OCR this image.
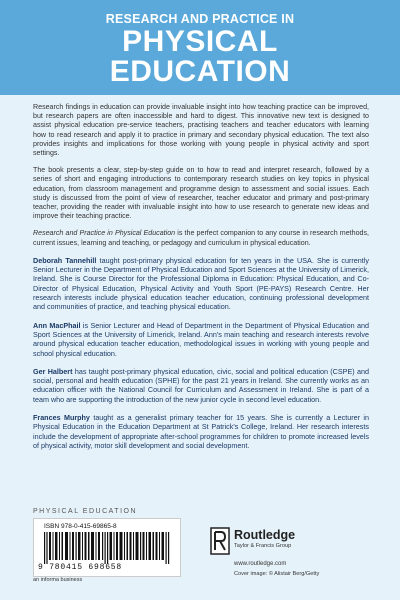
RESEARCH AND PRACTICE IN
PHYSICAL
EDUCATION

Research findings in education can provide invaluable insight into how teaching practice can be improved, but research papers are often inaccessible and hard to digest. This innovative new text is designed to assist physical education pre-service teachers, practising teachers and teacher educators with learning how to read research and apply it to practice in primary and secondary physical education. The text also provides insights and implications for those working with young people in physical activity and sport settings.

The book presents a clear, step-by-step guide on to how to read and interpret research, followed by a series of short and engaging introductions to contemporary research studies on key topics in physical education, from classroom management and programme design to assessment and social issues. Each study is discussed from the point of view of researcher, teacher educator and primary and post-primary teacher, providing the reader with invaluable insight into how to use research to generate new ideas and improve their teaching practice.

Research and Practice in Physical Education is the perfect companion to any course in research methods, current issues, learning and teaching, or pedagogy and curriculum in physical education.

Deborah Tannehill taught post-primary physical education for ten years in the USA. She is currently Senior Lecturer in the Department of Physical Education and Sport Sciences at the University of Limerick, Ireland. She is Course Director for the Professional Diploma in Education: Physical Education, and Co-Director of Physical Education, Physical Activity and Youth Sport (PE-PAYS) Research Centre. Her research interests include physical education teacher education, continuing professional development and communities of practice, and teaching physical education.

Ann MacPhail is Senior Lecturer and Head of Department in the Department of Physical Education and Sport Sciences at the University of Limerick, Ireland. Ann's main teaching and research interests revolve around physical education teacher education, methodological issues in working with young people and school physical education.

Ger Halbert has taught post-primary physical education, civic, social and political education (CSPE) and social, personal and health education (SPHE) for the past 21 years in Ireland. She currently works as an education officer with the National Council for Curriculum and Assessment in Ireland. She is part of a team who are supporting the introduction of the new junior cycle in second level education.

Frances Murphy taught as a generalist primary teacher for 15 years. She is currently a Lecturer in Physical Education in the Education Department at St Patrick's College, Ireland. Her research interests include the development of appropriate after-school programmes for children to promote increased levels of physical activity, motor skill development and social development.

PHYSICAL EDUCATION
ISBN 978-0-415-69865-8
9 780415 698658
an informa business
Routledge
Taylor & Francis Group
www.routledge.com
Cover image: © Alistair Berg/Getty
